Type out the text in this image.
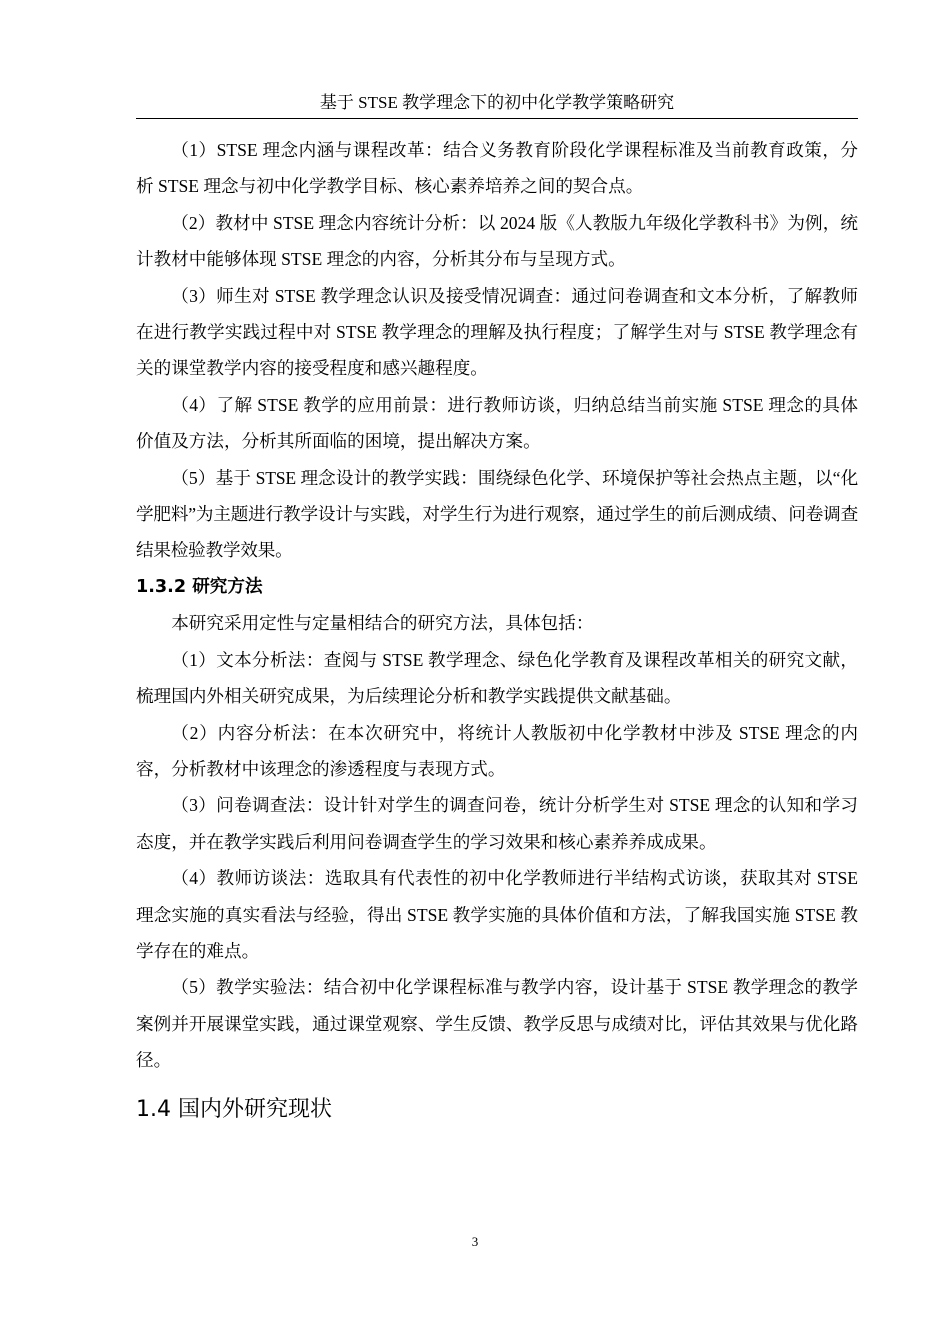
基于 STSE 教学理念下的初中化学教学策略研究

（1）STSE 理念内涵与课程改革：结合义务教育阶段化学课程标准及当前教育政策，分析 STSE 理念与初中化学教学目标、核心素养培养之间的契合点。

（2）教材中 STSE 理念内容统计分析：以 2024 版《人教版九年级化学教科书》为例，统计教材中能够体现 STSE 理念的内容，分析其分布与呈现方式。

（3）师生对 STSE 教学理念认识及接受情况调查：通过问卷调查和文本分析，了解教师在进行教学实践过程中对 STSE 教学理念的理解及执行程度；了解学生对与 STSE 教学理念有关的课堂教学内容的接受程度和感兴趣程度。

（4）了解 STSE 教学的应用前景：进行教师访谈，归纳总结当前实施 STSE 理念的具体价值及方法，分析其所面临的困境，提出解决方案。

（5）基于 STSE 理念设计的教学实践：围绕绿色化学、环境保护等社会热点主题，以“化学肥料”为主题进行教学设计与实践，对学生行为进行观察，通过学生的前后测成绩、问卷调查结果检验教学效果。

1.3.2 研究方法

本研究采用定性与定量相结合的研究方法，具体包括：

（1）文本分析法：查阅与 STSE 教学理念、绿色化学教育及课程改革相关的研究文献，梳理国内外相关研究成果，为后续理论分析和教学实践提供文献基础。

（2）内容分析法：在本次研究中，将统计人教版初中化学教材中涉及 STSE 理念的内容，分析教材中该理念的渗透程度与表现方式。

（3）问卷调查法：设计针对学生的调查问卷，统计分析学生对 STSE 理念的认知和学习态度，并在教学实践后利用问卷调查学生的学习效果和核心素养养成成果。

（4）教师访谈法：选取具有代表性的初中化学教师进行半结构式访谈，获取其对 STSE 理念实施的真实看法与经验，得出 STSE 教学实施的具体价值和方法，了解我国实施 STSE 教学存在的难点。

（5）教学实验法：结合初中化学课程标准与教学内容，设计基于 STSE 教学理念的教学案例并开展课堂实践，通过课堂观察、学生反馈、教学反思与成绩对比，评估其效果与优化路径。

1.4 国内外研究现状
3
